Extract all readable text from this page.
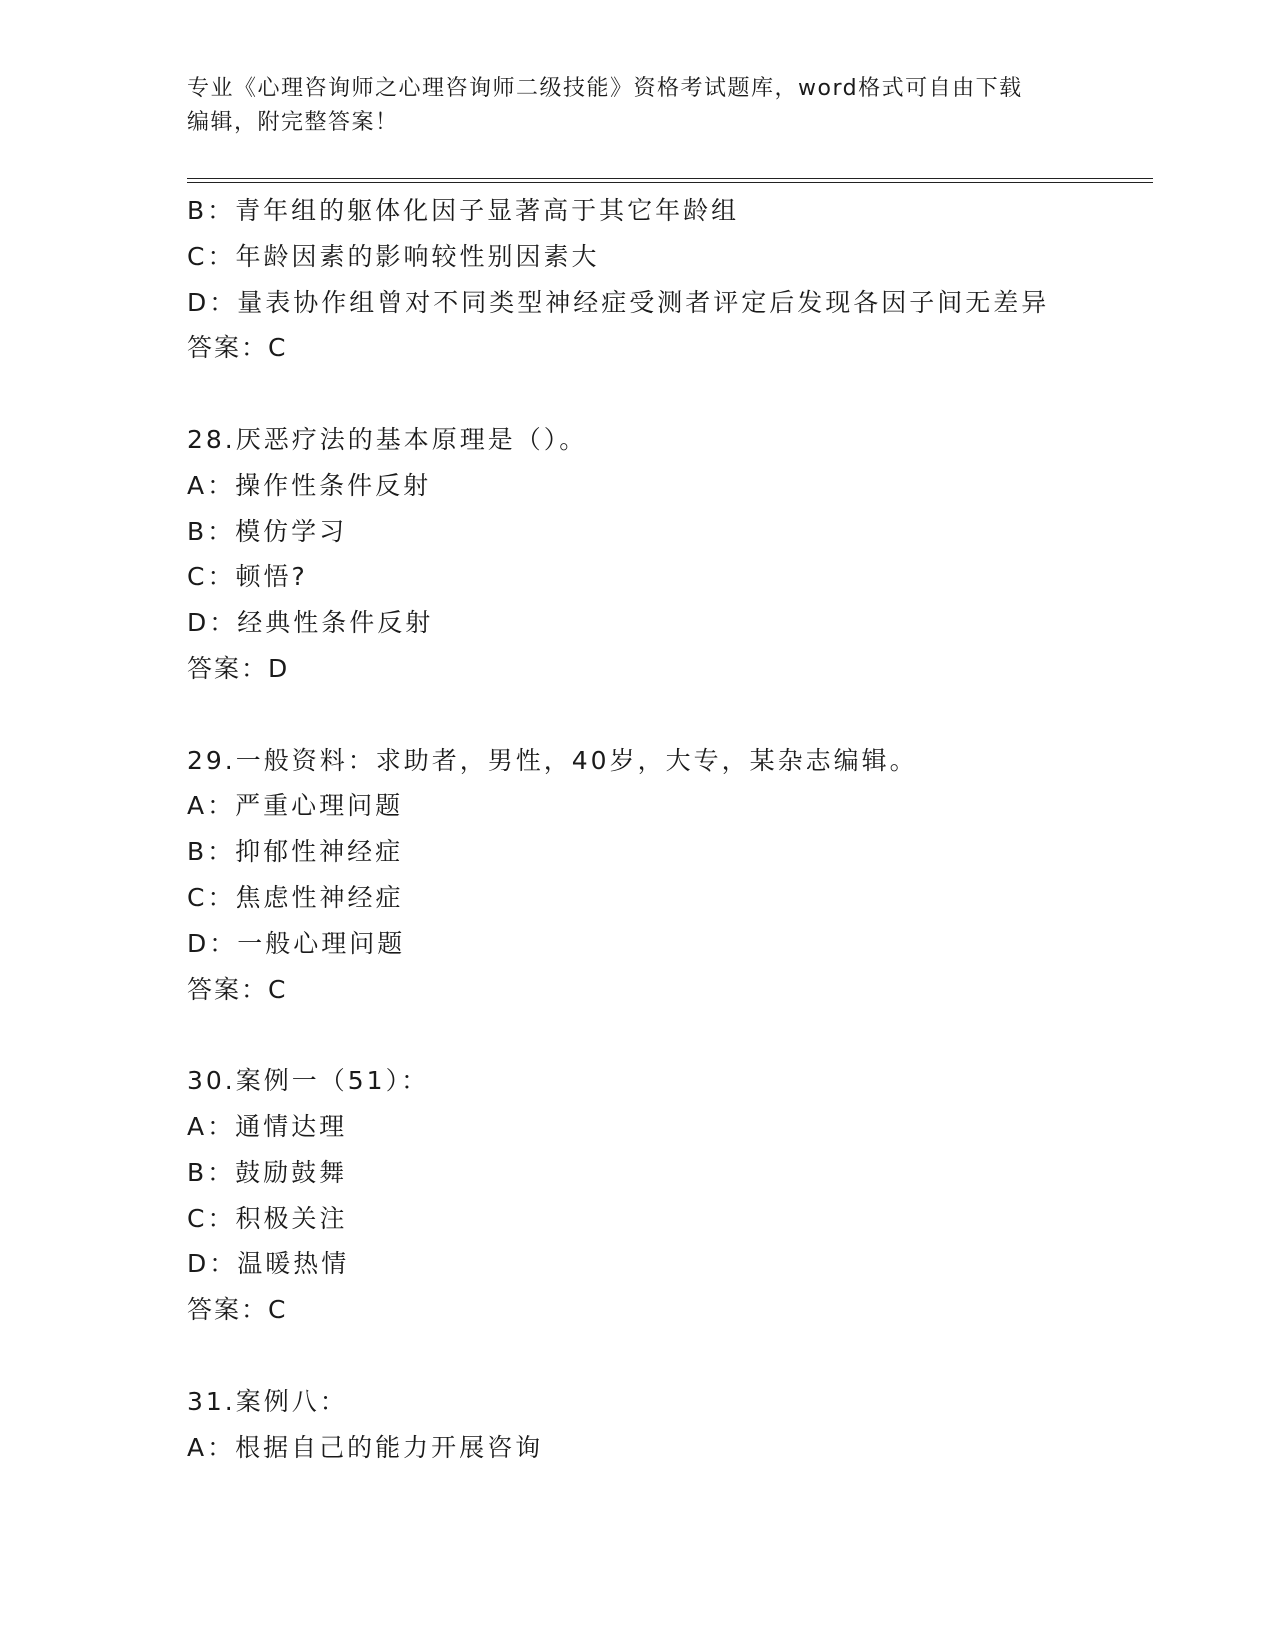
专业《心理咨询师之心理咨询师二级技能》资格考试题库，word格式可自由下载
编辑，附完整答案！
B：青年组的躯体化因子显著高于其它年龄组
C：年龄因素的影响较性别因素大
D：量表协作组曾对不同类型神经症受测者评定后发现各因子间无差异
答案：C
28.厌恶疗法的基本原理是（）。
A：操作性条件反射
B：模仿学习
C：顿悟?
D：经典性条件反射
答案：D
29.一般资料：求助者，男性，40岁，大专，某杂志编辑。
A：严重心理问题
B：抑郁性神经症
C：焦虑性神经症
D：一般心理问题
答案：C
30.案例一（51）：
A：通情达理
B：鼓励鼓舞
C：积极关注
D：温暖热情
答案：C
31.案例八：
A：根据自己的能力开展咨询
